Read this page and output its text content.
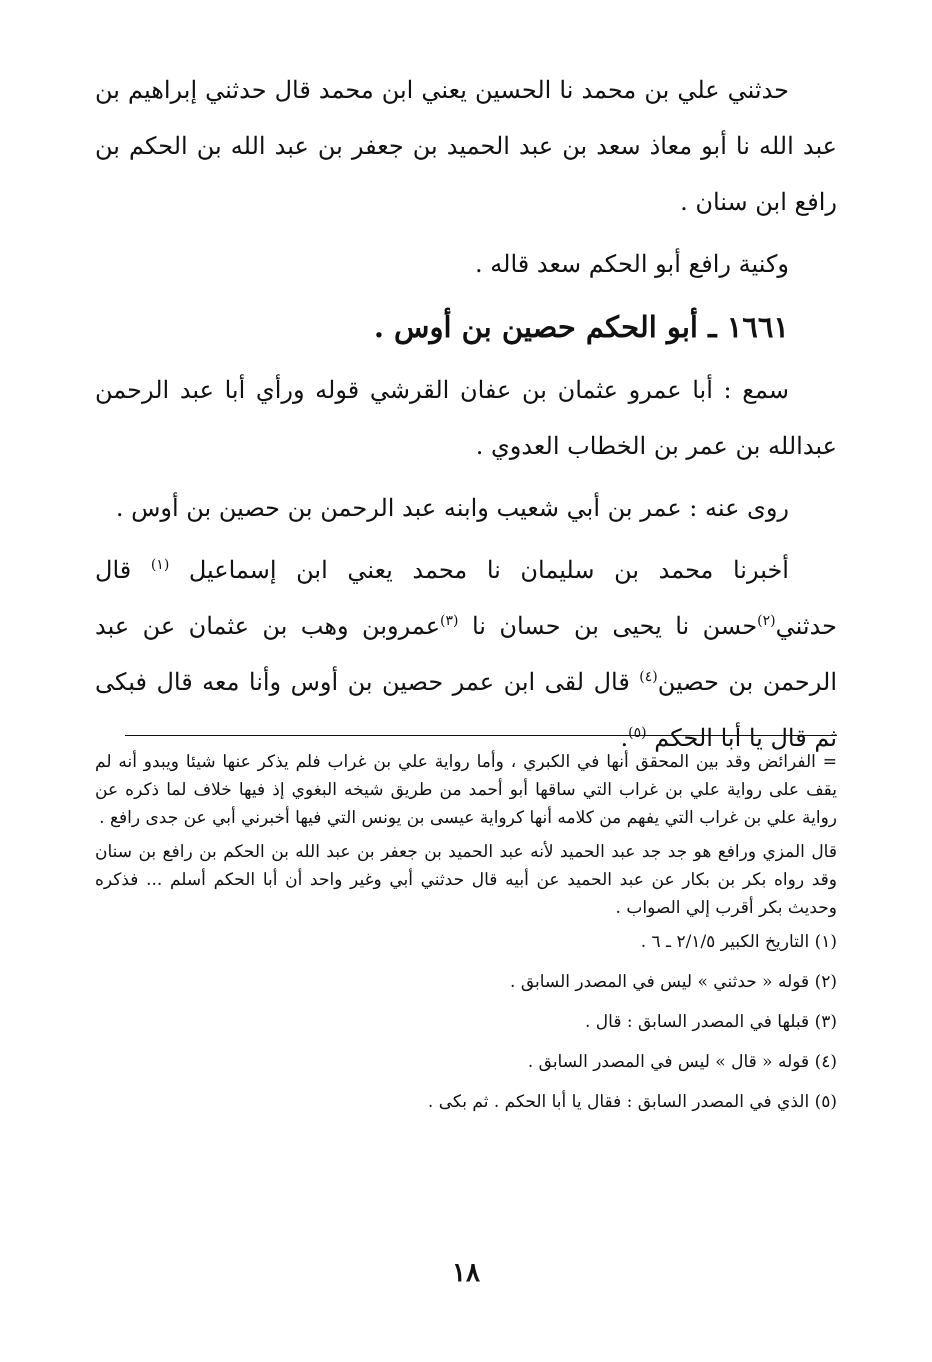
حدثني علي بن محمد نا الحسين يعني ابن محمد قال حدثني إبراهيم بن عبد الله نا أبو معاذ سعد بن عبد الحميد بن جعفر بن عبد الله بن الحكم بن رافع ابن سنان .

وكنية رافع أبو الحكم سعد قاله .

١٦٦١ ـ أبو الحكم حصين بن أوس .

سمع : أبا عمرو عثمان بن عفان القرشي قوله ورأي أبا عبد الرحمن عبدالله بن عمر بن الخطاب العدوي .

روى عنه : عمر بن أبي شعيب وابنه عبد الرحمن بن حصين بن أوس .

أخبرنا محمد بن سليمان نا محمد يعني ابن إسماعيل $^{(١)}$ قال حدثني$^{(٢)}$حسن نا يحيى بن حسان نا $^{(٣)}$عمروبن وهب بن عثمان عن عبد الرحمن بن حصين$^{(٤)}$ قال لقى ابن عمر حصين بن أوس وأنا معه قال فبكى ثم قال يا أبا الحكم $^{(٥)}$.

= الفرائض وقد بين المحقق أنها في الكبري ، وأما رواية علي بن غراب فلم يذكر عنها شيئا ويبدو أنه لم يقف على رواية علي بن غراب التي ساقها أبو أحمد من طريق شيخه البغوي إذ فيها خلاف لما ذكره عن رواية علي بن غراب التي يفهم من كلامه أنها كرواية عيسى بن يونس التي فيها أخبرني أبي عن جدى رافع .

قال المزي ورافع هو جد جد عبد الحميد لأنه عبد الحميد بن جعفر بن عبد الله بن الحكم بن رافع بن سنان وقد رواه بكر بن بكار عن عبد الحميد عن أبيه قال حدثني أبي وغير واحد أن أبا الحكم أسلم ... فذكره وحديث بكر أقرب إلي الصواب .

(١) التاريخ الكبير ٢/١/٥ ـ ٦ .

(٢) قوله « حدثني » ليس في المصدر السابق .

(٣) قبلها في المصدر السابق : قال .

(٤) قوله « قال » ليس في المصدر السابق .

(٥) الذي في المصدر السابق : فقال يا أبا الحكم . ثم بكى .

١٨
